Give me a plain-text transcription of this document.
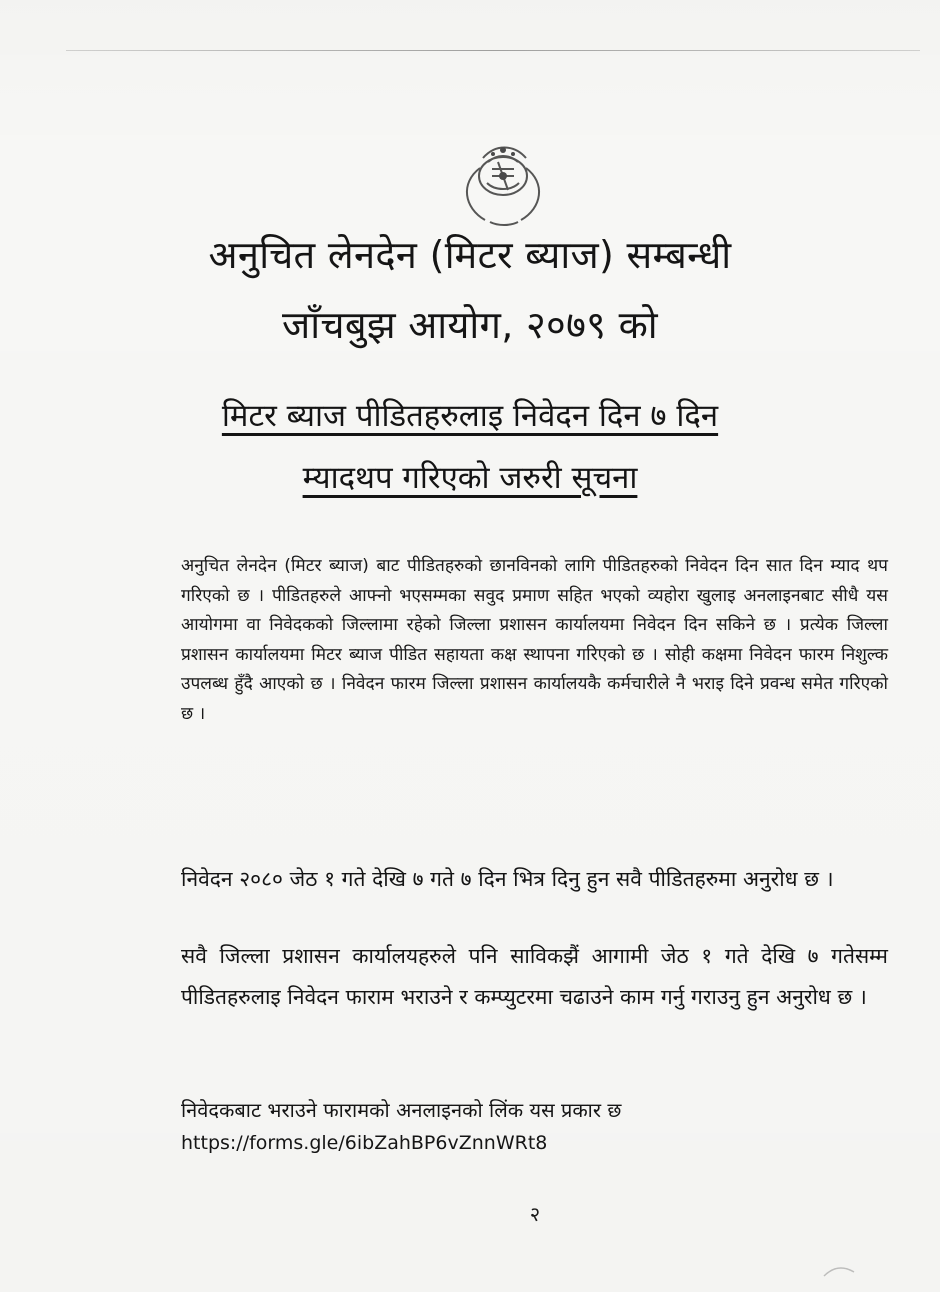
अनुचित लेनदेन (मिटर ब्याज) सम्बन्धी
जाँचबुझ आयोग, २०७९ को
मिटर ब्याज पीडितहरुलाइ निवेदन दिन ७ दिन
म्यादथप गरिएको जरुरी सूचना
अनुचित लेनदेन (मिटर ब्याज) बाट पीडितहरुको छानविनको लागि पीडितहरुको निवेदन दिन सात दिन म्याद थप गरिएको छ । पीडितहरुले आफ्नो भएसम्मका सवुद प्रमाण सहित भएको व्यहोरा खुलाइ अनलाइनबाट सीधै यस आयोगमा वा निवेदकको जिल्लामा रहेको जिल्ला प्रशासन कार्यालयमा निवेदन दिन सकिने छ । प्रत्येक जिल्ला प्रशासन कार्यालयमा मिटर ब्याज पीडित सहायता कक्ष स्थापना गरिएको छ । सोही कक्षमा निवेदन फारम निशुल्क उपलब्ध हुँदै आएको छ । निवेदन फारम जिल्ला प्रशासन कार्यालयकै कर्मचारीले नै भराइ दिने प्रवन्ध समेत गरिएको छ ।
निवेदन २०८० जेठ १ गते देखि ७ गते ७ दिन भित्र दिनु हुन सवै पीडितहरुमा अनुरोध छ ।
सवै जिल्ला प्रशासन कार्यालयहरुले पनि साविकझैं आगामी जेठ १ गते देखि ७ गतेसम्म पीडितहरुलाइ निवेदन फाराम भराउने र कम्प्युटरमा चढाउने काम गर्नु गराउनु हुन अनुरोध छ ।
निवेदकबाट भराउने फारामको अनलाइनको लिंक यस प्रकार छ
https://forms.gle/6ibZahBP6vZnnWRt8
२
